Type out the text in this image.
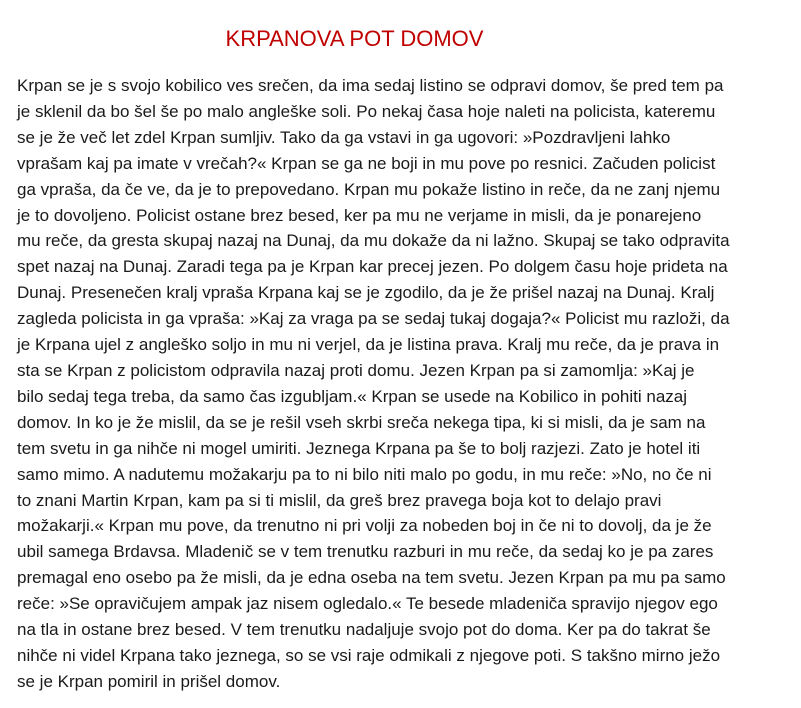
KRPANOVA POT DOMOV

Krpan se je s svojo kobilico ves srečen, da ima sedaj listino se odpravi domov, še pred tem pa
je sklenil da bo šel še po malo angleške soli. Po nekaj časa hoje naleti na policista, kateremu
se je že več let zdel Krpan sumljiv. Tako da ga vstavi in ga ugovori: »Pozdravljeni lahko
vprašam kaj pa imate v vrečah?« Krpan se ga ne boji in mu pove po resnici. Začuden policist
ga vpraša, da če ve, da je to prepovedano. Krpan mu pokaže listino in reče, da ne zanj njemu
je to dovoljeno. Policist ostane brez besed, ker pa mu ne verjame in misli, da je ponarejeno
mu reče, da gresta skupaj nazaj na Dunaj, da mu dokaže da ni lažno. Skupaj se tako odpravita
spet nazaj na Dunaj. Zaradi tega pa je Krpan kar precej jezen. Po dolgem času hoje prideta na
Dunaj. Presenečen kralj vpraša Krpana kaj se je zgodilo, da je že prišel nazaj na Dunaj. Kralj
zagleda policista in ga vpraša: »Kaj za vraga pa se sedaj tukaj dogaja?« Policist mu razloži, da
je Krpana ujel z angleško soljo in mu ni verjel, da je listina prava. Kralj mu reče, da je prava in
sta se Krpan z policistom odpravila nazaj proti domu. Jezen Krpan pa si zamomlja: »Kaj je
bilo sedaj tega treba, da samo čas izgubljam.« Krpan se usede na Kobilico in pohiti nazaj
domov. In ko je že mislil, da se je rešil vseh skrbi sreča nekega tipa, ki si misli, da je sam na
tem svetu in ga nihče ni mogel umiriti. Jeznega Krpana pa še to bolj razjezi. Zato je hotel iti
samo mimo. A nadutemu možakarju pa to ni bilo niti malo po godu, in mu reče: »No, no če ni
to znani Martin Krpan, kam pa si ti mislil, da greš brez pravega boja kot to delajo pravi
možakarji.« Krpan mu pove, da trenutno ni pri volji za nobeden boj in če ni to dovolj, da je že
ubil samega Brdavsa. Mladenič se v tem trenutku razburi in mu reče, da sedaj ko je pa zares
premagal eno osebo pa že misli, da je edna oseba na tem svetu. Jezen Krpan pa mu pa samo
reče: »Se opravičujem ampak jaz nisem ogledalo.« Te besede mladeniča spravijo njegov ego
na tla in ostane brez besed. V tem trenutku nadaljuje svojo pot do doma. Ker pa do takrat še
nihče ni videl Krpana tako jeznega, so se vsi raje odmikali z njegove poti. S takšno mirno ježo
se je Krpan pomiril in prišel domov.
